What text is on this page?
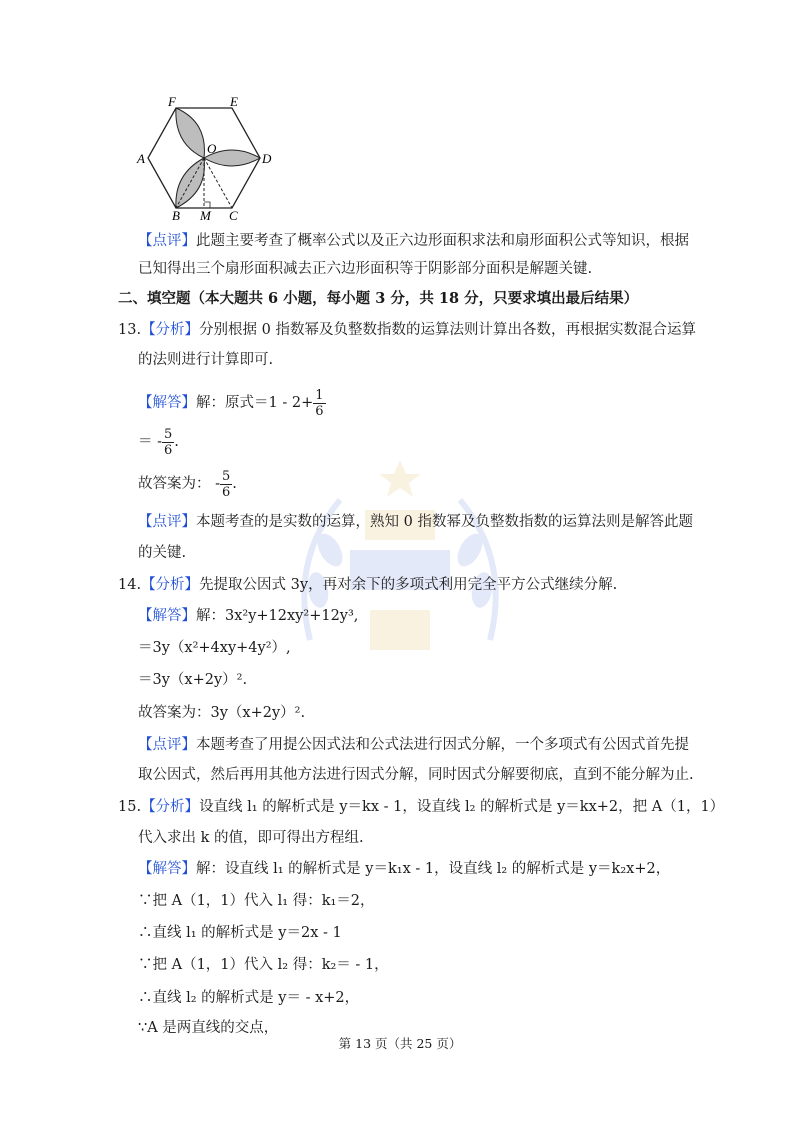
F	E
A
O
D
B M C
【点评】此题主要考查了概率公式以及正六边形面积求法和扇形面积公式等知识，根据
已知得出三个扇形面积减去正六边形面积等于阴影部分面积是解题关键.
二、填空题（本大题共 6 小题，每小题 3 分，共 18 分，只要求填出最后结果）
13.【分析】分别根据 0 指数幂及负整数指数的运算法则计算出各数，再根据实数混合运算
的法则进行计算即可.
【解答】解：原式$=1 - 2+ \frac{1}{6}$
＝ - $\frac{5}{6}$ .
故答案为： - $\frac{5}{6}$ .
【点评】本题考查的是实数的运算，熟知 0 指数幂及负整数指数的运算法则是解答此题
的关键.
14.【分析】先提取公因式 3y，再对余下的多项式利用完全平方公式继续分解.
【解答】解：3x²y+12xy²+12y³,
＝3y（x²+4xy+4y²）,
＝3y（x+2y）².
故答案为：3y（x+2y）².
【点评】本题考查了用提公因式法和公式法进行因式分解，一个多项式有公因式首先提
取公因式，然后再用其他方法进行因式分解，同时因式分解要彻底，直到不能分解为止.
15.【分析】设直线 l₁ 的解析式是 y＝kx - 1，设直线 l₂ 的解析式是 y＝kx+2，把 A（1，1）
代入求出 k 的值，即可得出方程组.
【解答】解：设直线 l₁ 的解析式是 y＝k₁x - 1，设直线 l₂ 的解析式是 y＝k₂x+2，
∵把 A（1，1）代入 l₁ 得：k₁＝2，
∴直线 l₁ 的解析式是 y＝2x - 1
∵把 A（1，1）代入 l₂ 得：k₂＝ - 1，
∴直线 l₂ 的解析式是 y＝ - x+2，
∵A 是两直线的交点，
第 13 页（共 25 页）
